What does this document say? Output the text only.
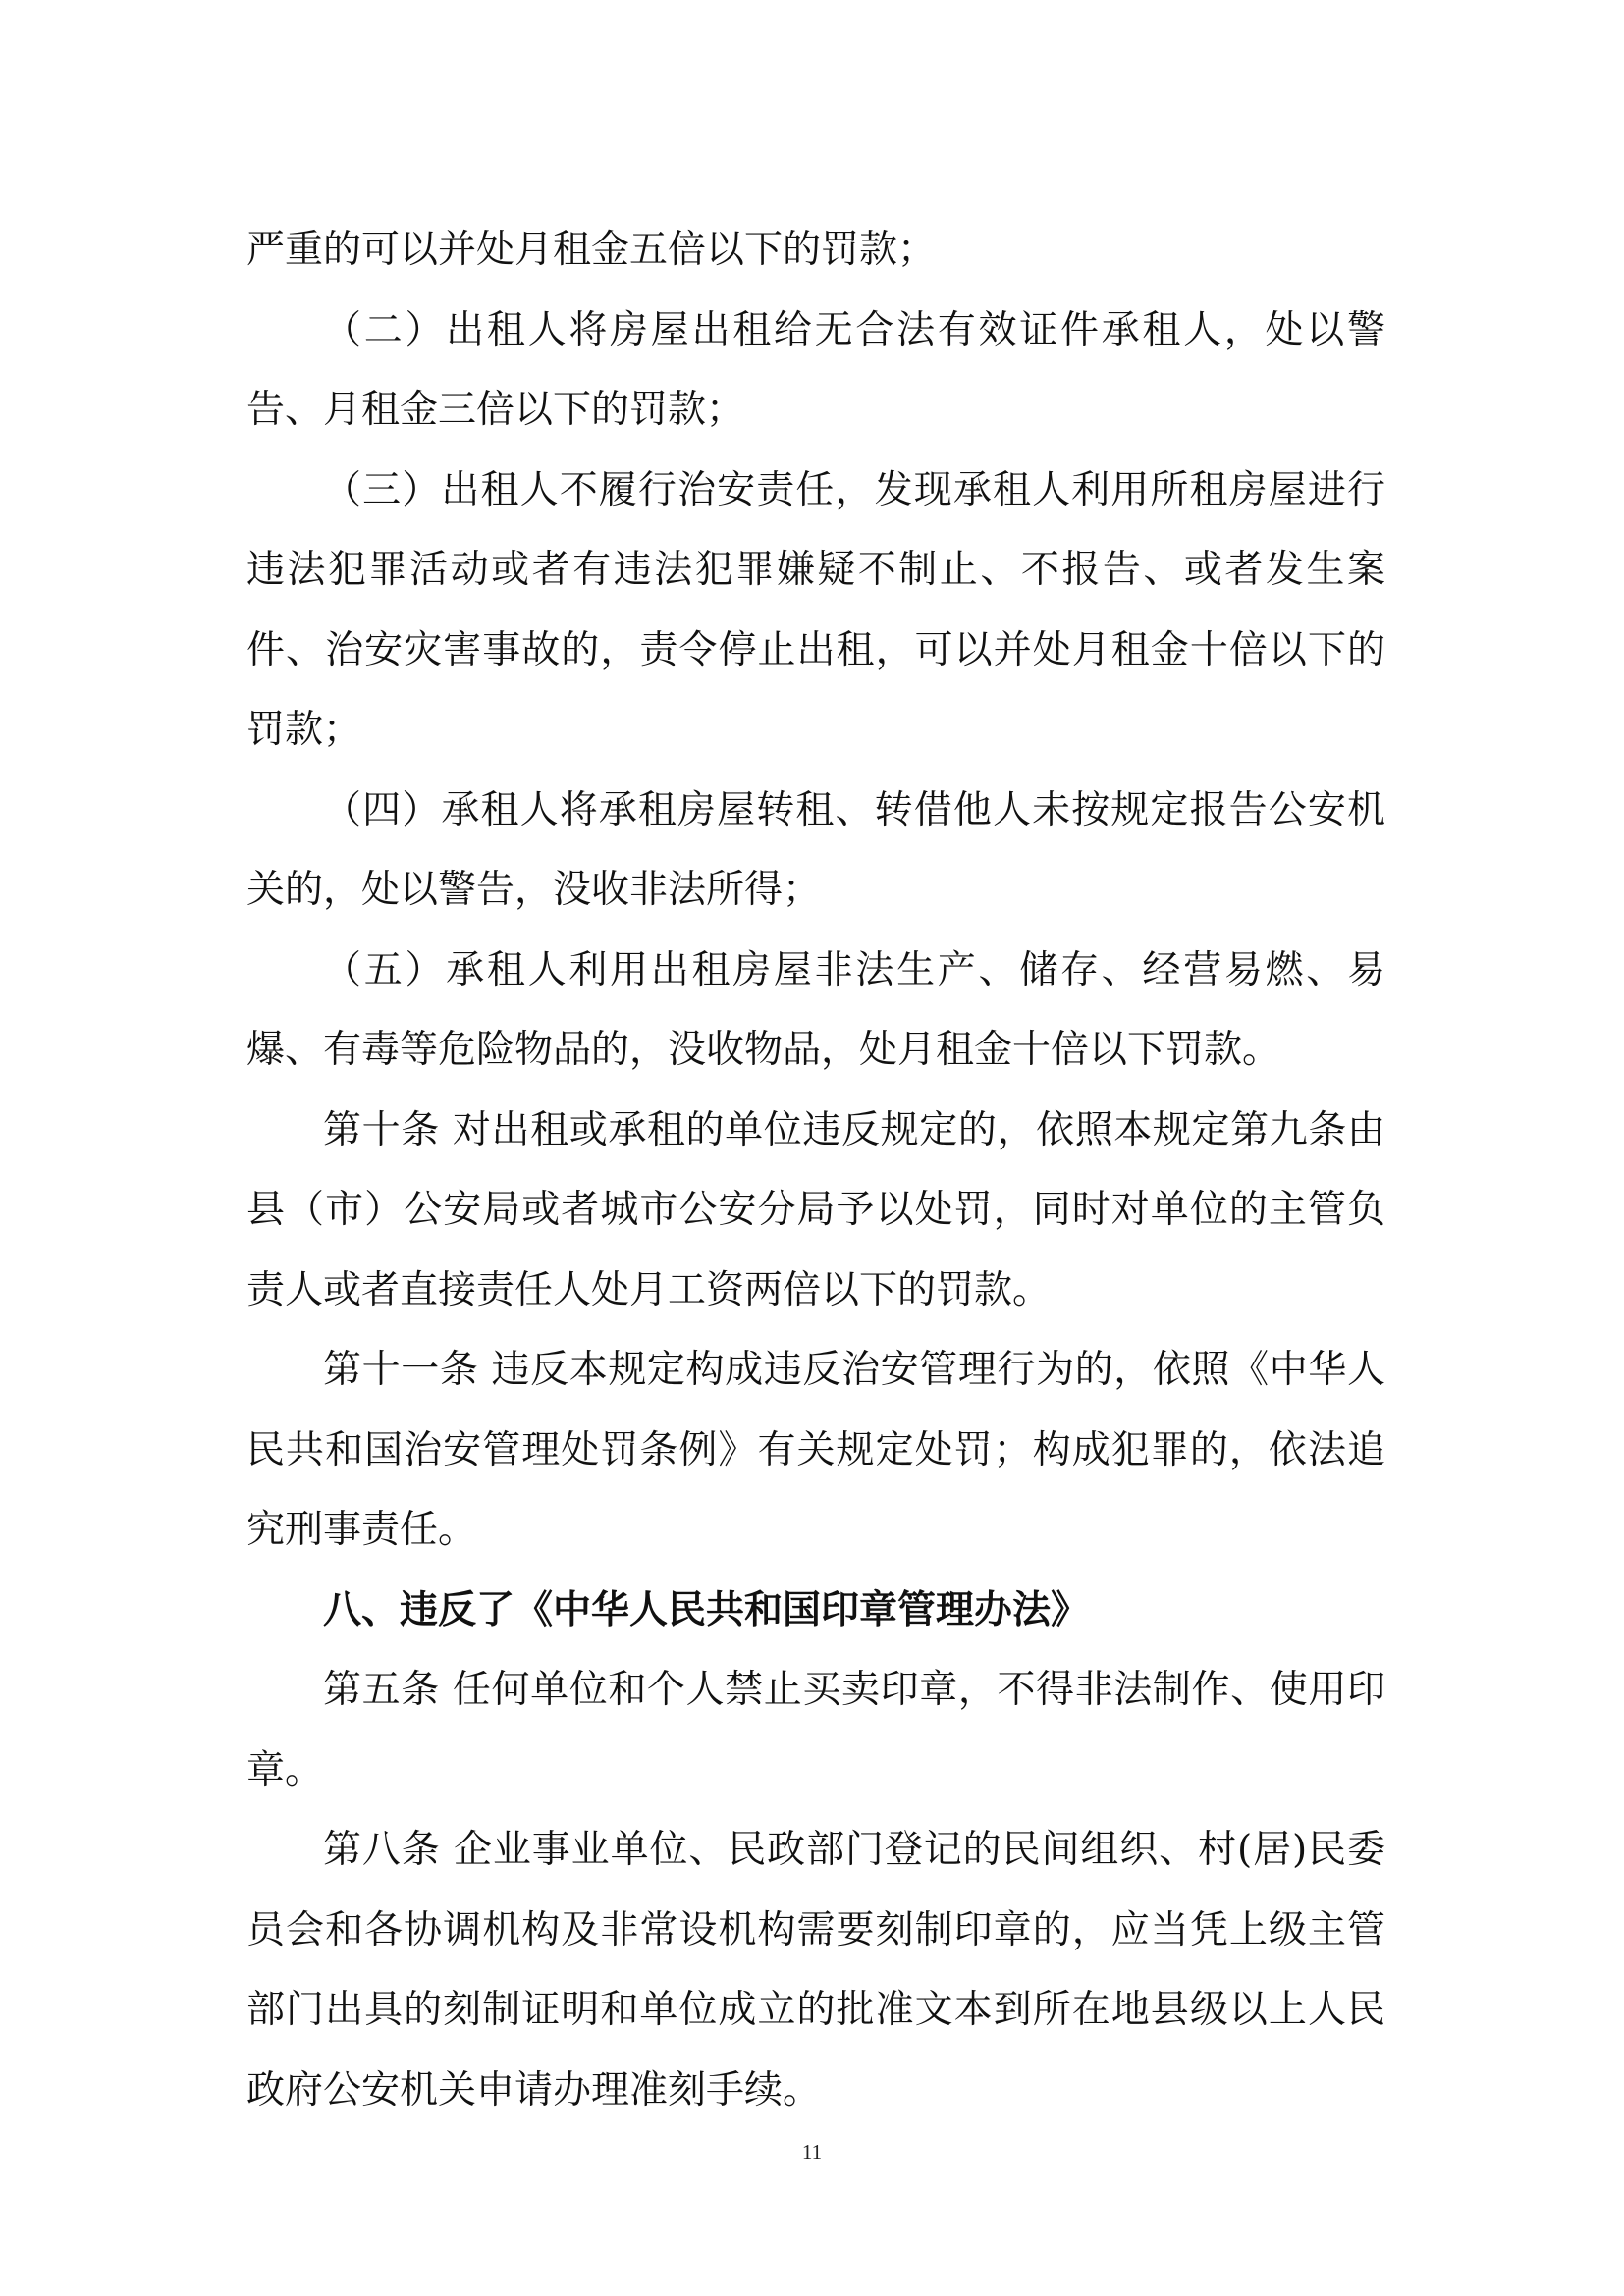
严重的可以并处月租金五倍以下的罚款；

（二）出租人将房屋出租给无合法有效证件承租人，处以警告、月租金三倍以下的罚款；

（三）出租人不履行治安责任，发现承租人利用所租房屋进行违法犯罪活动或者有违法犯罪嫌疑不制止、不报告、或者发生案件、治安灾害事故的，责令停止出租，可以并处月租金十倍以下的罚款；

（四）承租人将承租房屋转租、转借他人未按规定报告公安机关的，处以警告，没收非法所得；

（五）承租人利用出租房屋非法生产、储存、经营易燃、易爆、有毒等危险物品的，没收物品，处月租金十倍以下罚款。

第十条 对出租或承租的单位违反规定的，依照本规定第九条由县（市）公安局或者城市公安分局予以处罚，同时对单位的主管负责人或者直接责任人处月工资两倍以下的罚款。

第十一条 违反本规定构成违反治安管理行为的，依照《中华人民共和国治安管理处罚条例》有关规定处罚；构成犯罪的，依法追究刑事责任。

八、违反了《中华人民共和国印章管理办法》

第五条 任何单位和个人禁止买卖印章，不得非法制作、使用印章。

第八条 企业事业单位、民政部门登记的民间组织、村(居)民委员会和各协调机构及非常设机构需要刻制印章的，应当凭上级主管部门出具的刻制证明和单位成立的批准文本到所在地县级以上人民政府公安机关申请办理准刻手续。

11
